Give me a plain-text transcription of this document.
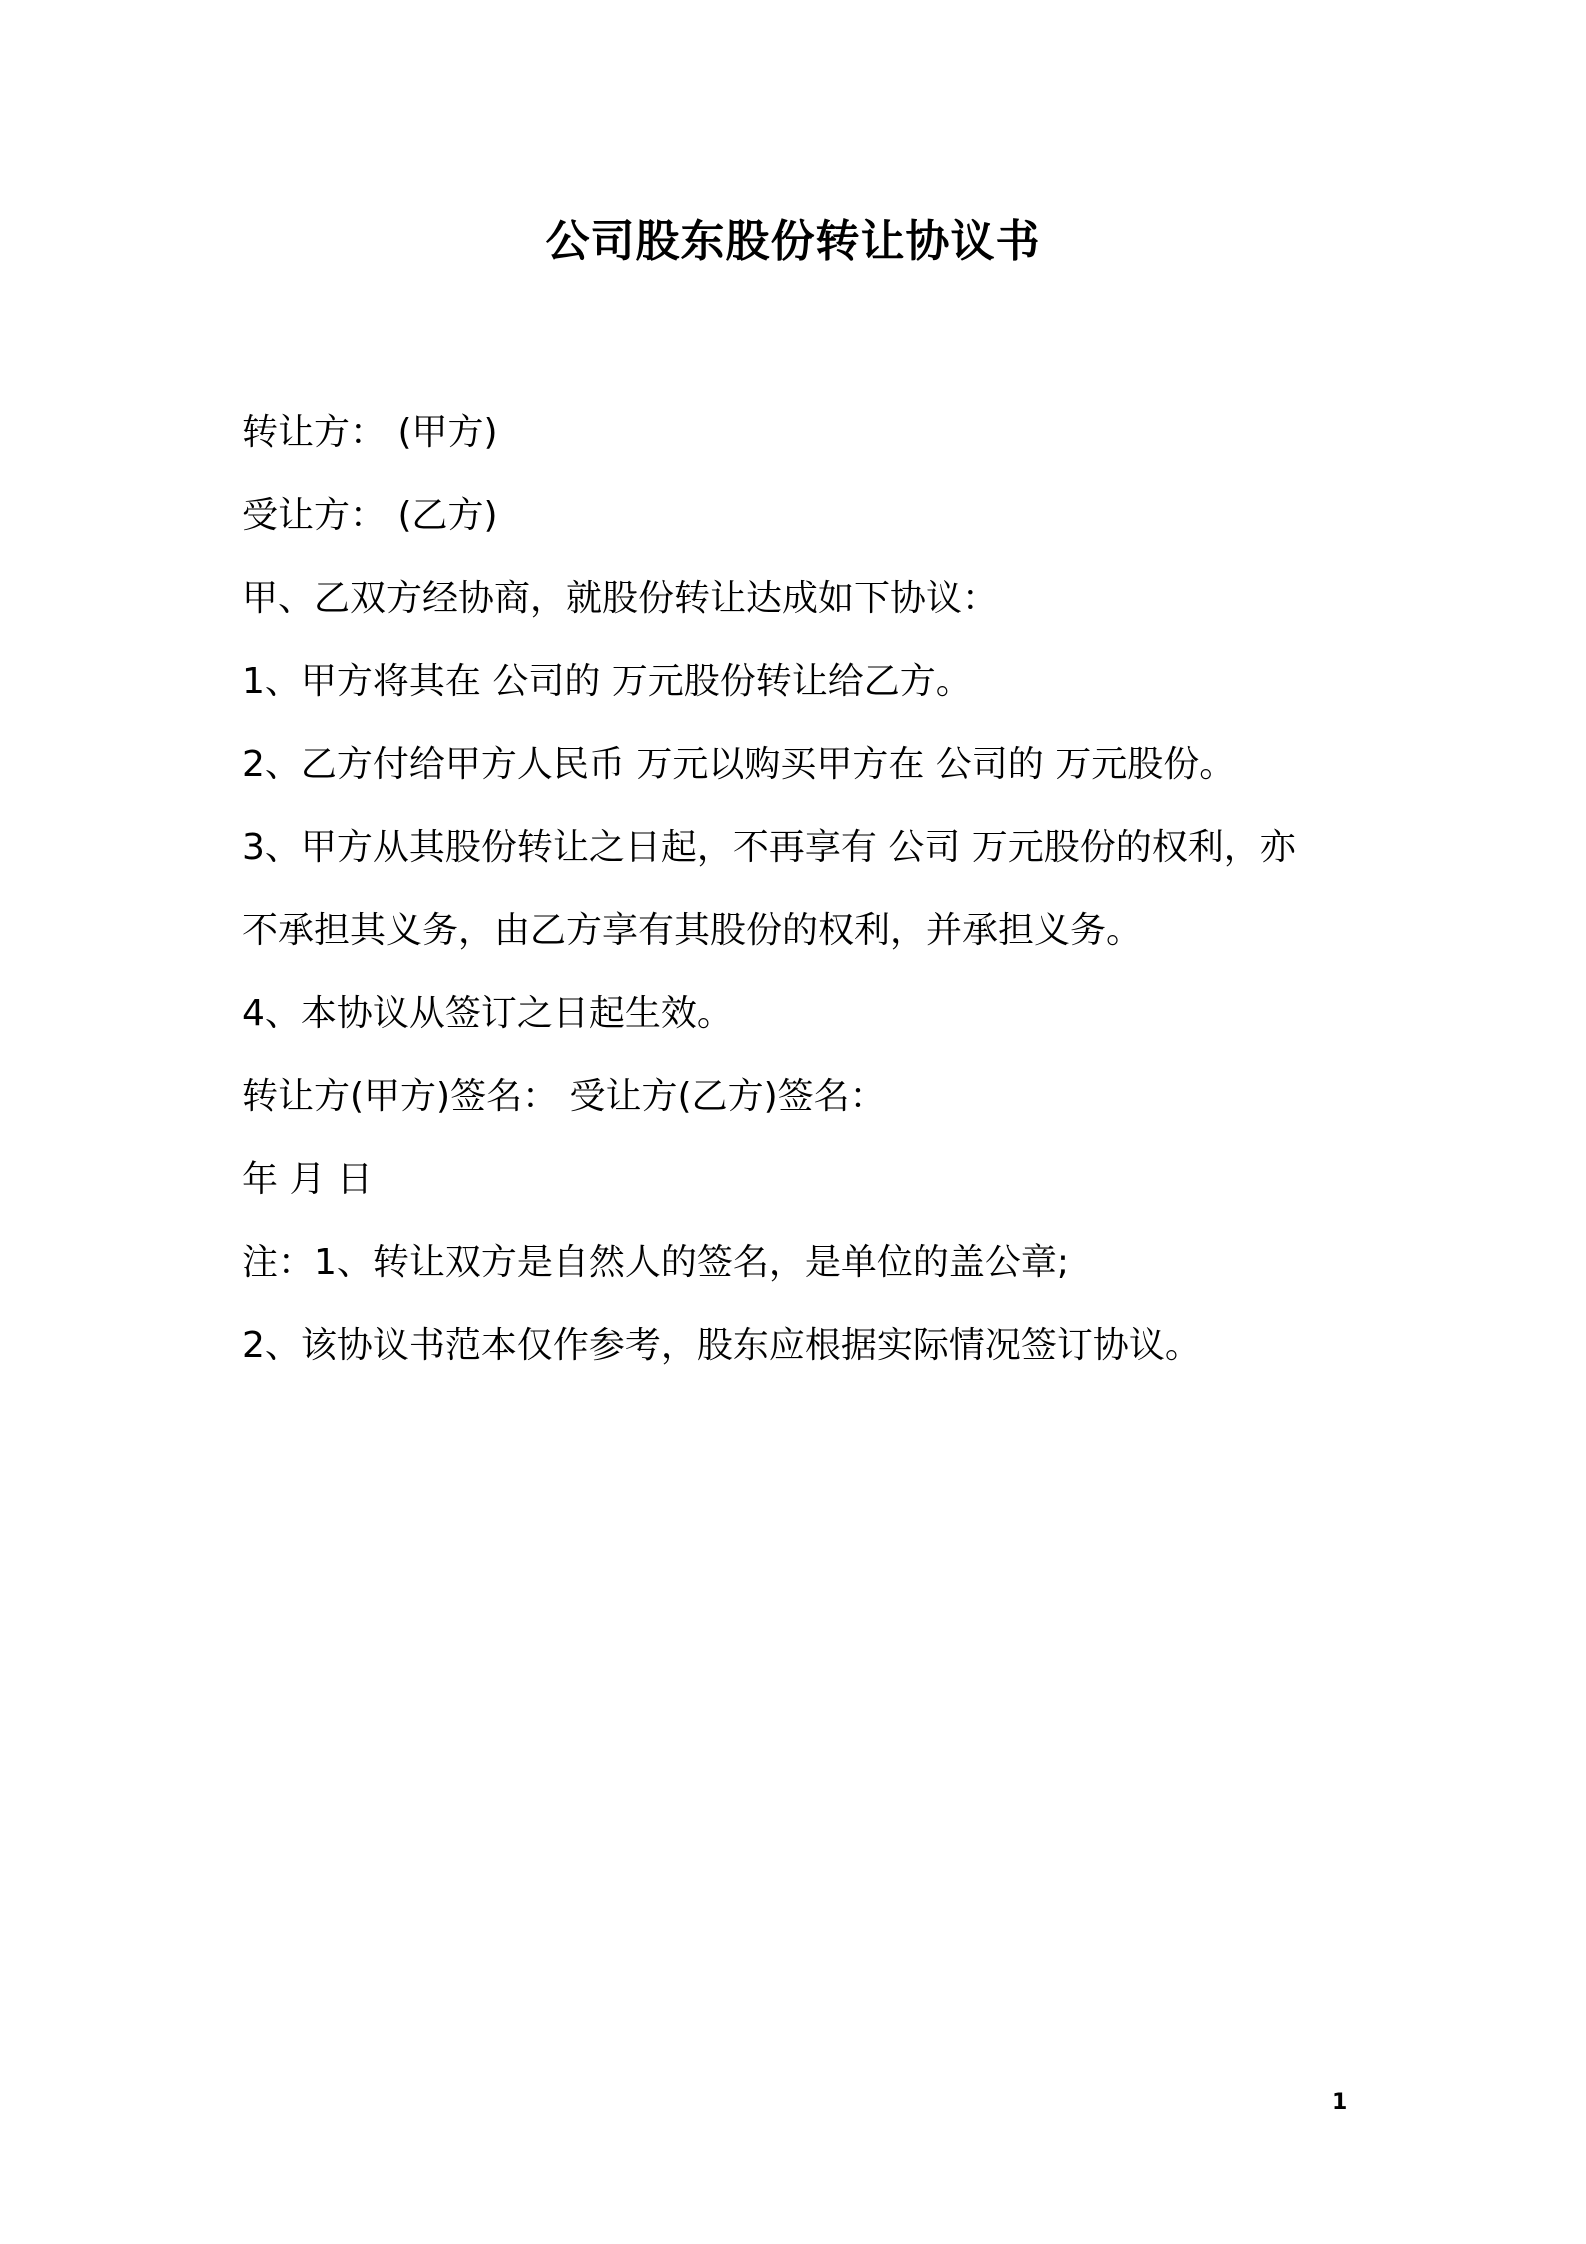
公司股东股份转让协议书
转让方： (甲方)
受让方： (乙方)
甲、乙双方经协商，就股份转让达成如下协议：
1、甲方将其在 公司的 万元股份转让给乙方。
2、乙方付给甲方人民币 万元以购买甲方在 公司的 万元股份。
3、甲方从其股份转让之日起，不再享有 公司 万元股份的权利，亦
不承担其义务，由乙方享有其股份的权利，并承担义务。
4、本协议从签订之日起生效。
转让方(甲方)签名： 受让方(乙方)签名：
年 月 日
注：1、转让双方是自然人的签名，是单位的盖公章;
2、该协议书范本仅作参考，股东应根据实际情况签订协议。
1
